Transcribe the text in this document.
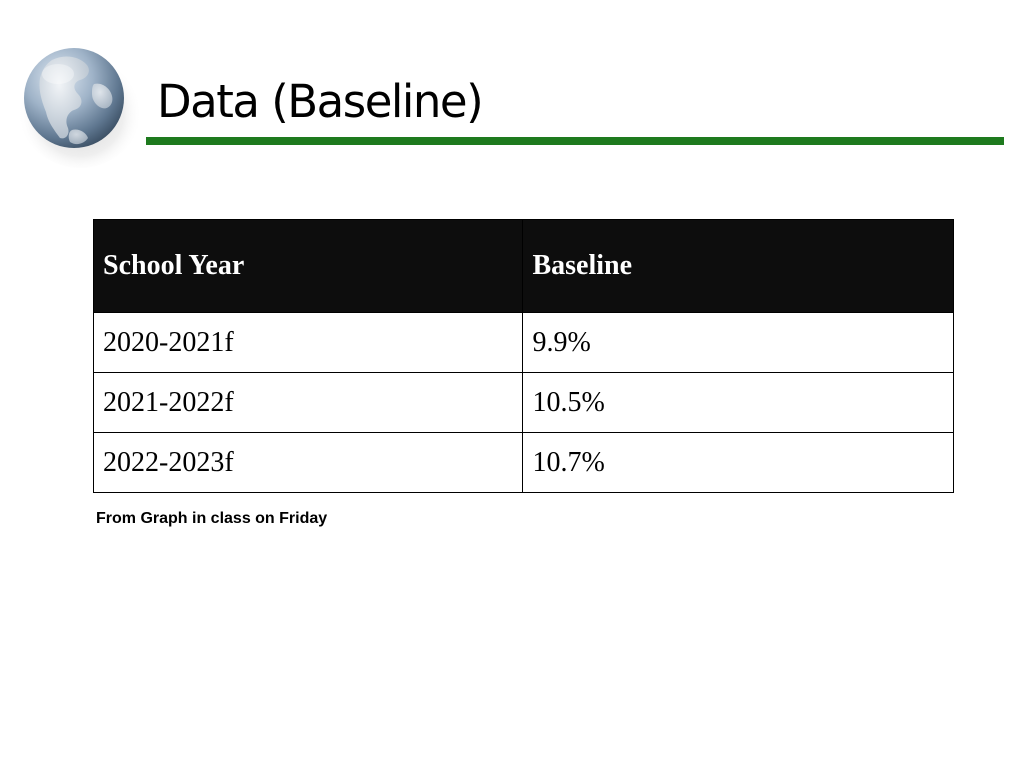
Data (Baseline)
School Year	Baseline
2020-2021f	9.9%
2021-2022f	10.5%
2022-2023f	10.7%
From Graph in class on Friday
